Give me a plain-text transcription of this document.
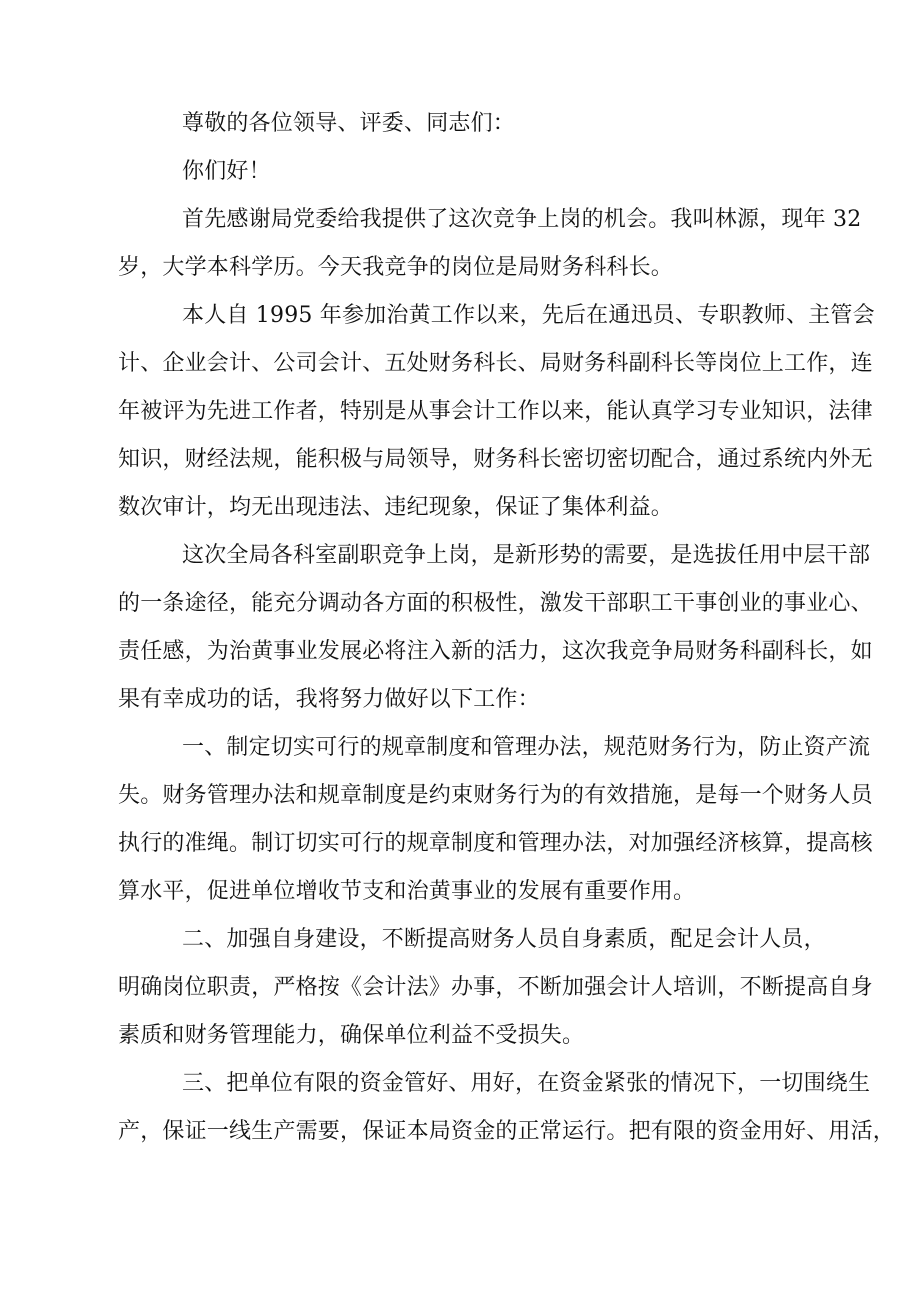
尊敬的各位领导、评委、同志们：
你们好！
首先感谢局党委给我提供了这次竞争上岗的机会。我叫林源，现年 32
岁，大学本科学历。今天我竞争的岗位是局财务科科长。
本人自 1995 年参加治黄工作以来，先后在通迅员、专职教师、主管会
计、企业会计、公司会计、五处财务科长、局财务科副科长等岗位上工作，连
年被评为先进工作者，特别是从事会计工作以来，能认真学习专业知识，法律
知识，财经法规，能积极与局领导，财务科长密切密切配合，通过系统内外无
数次审计，均无出现违法、违纪现象，保证了集体利益。
这次全局各科室副职竞争上岗，是新形势的需要，是选拔任用中层干部
的一条途径，能充分调动各方面的积极性，激发干部职工干事创业的事业心、
责任感，为治黄事业发展必将注入新的活力，这次我竞争局财务科副科长，如
果有幸成功的话，我将努力做好以下工作：
一、制定切实可行的规章制度和管理办法，规范财务行为，防止资产流
失。财务管理办法和规章制度是约束财务行为的有效措施，是每一个财务人员
执行的准绳。制订切实可行的规章制度和管理办法，对加强经济核算，提高核
算水平，促进单位增收节支和治黄事业的发展有重要作用。
二、加强自身建设，不断提高财务人员自身素质，配足会计人员，
明确岗位职责，严格按《会计法》办事，不断加强会计人培训，不断提高自身
素质和财务管理能力，确保单位利益不受损失。
三、把单位有限的资金管好、用好，在资金紧张的情况下，一切围绕生
产，保证一线生产需要，保证本局资金的正常运行。把有限的资金用好、用活，
